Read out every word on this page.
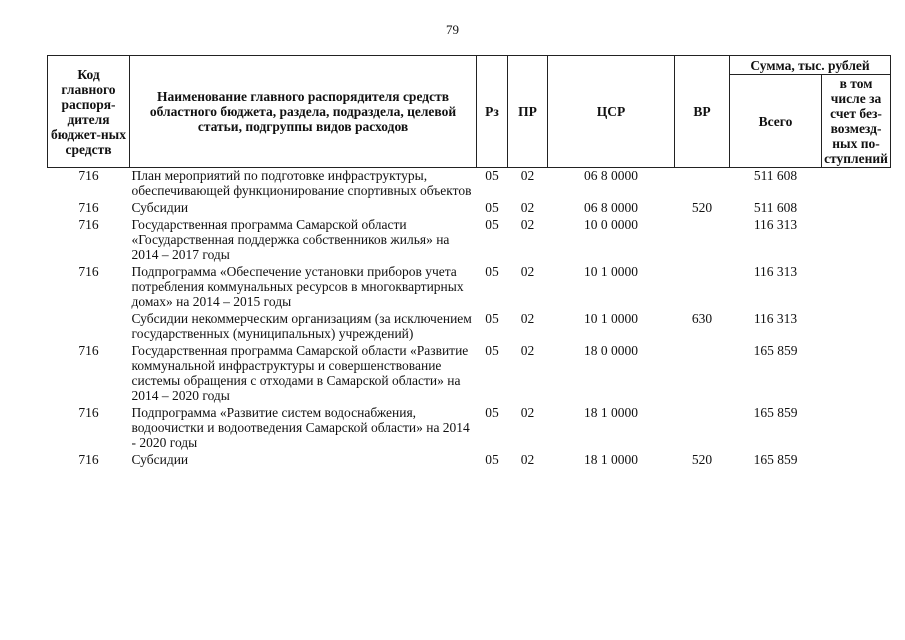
79
Код главного распоря-дителя бюджет-ных средств	Наименование главного распорядителя средств областного бюджета, раздела, подраздела, целевой статьи, подгруппы видов расходов	Рз	ПР	ЦСР	ВР	Сумма, тыс. рублей	
						Всего	в том числе за счет без-возмезд-ных по-ступлений
716	План мероприятий по подготовке инфраструктуры, обеспечивающей функционирование спортивных объектов	05	02	06 8 0000		511 608	
716	Субсидии	05	02	06 8 0000	520	511 608	
716	Государственная программа Самарской области «Государственная поддержка собственников жилья» на 2014 – 2017 годы	05	02	10 0 0000		116 313	
716	Подпрограмма «Обеспечение установки приборов учета потребления коммунальных ресурсов в многоквартирных домах» на 2014 – 2015 годы	05	02	10 1 0000		116 313	
	Субсидии некоммерческим организациям (за исключением государственных (муниципальных) учреждений)	05	02	10 1 0000	630	116 313	
716	Государственная программа Самарской области «Развитие коммунальной инфраструктуры и совершенствование системы обращения с отходами в Самарской области» на 2014 – 2020 годы	05	02	18 0 0000		165 859	
716	Подпрограмма «Развитие систем водоснабжения, водоочистки и водоотведения Самарской области» на 2014 - 2020 годы	05	02	18 1 0000		165 859	
716	Субсидии	05	02	18 1 0000	520	165 859	
